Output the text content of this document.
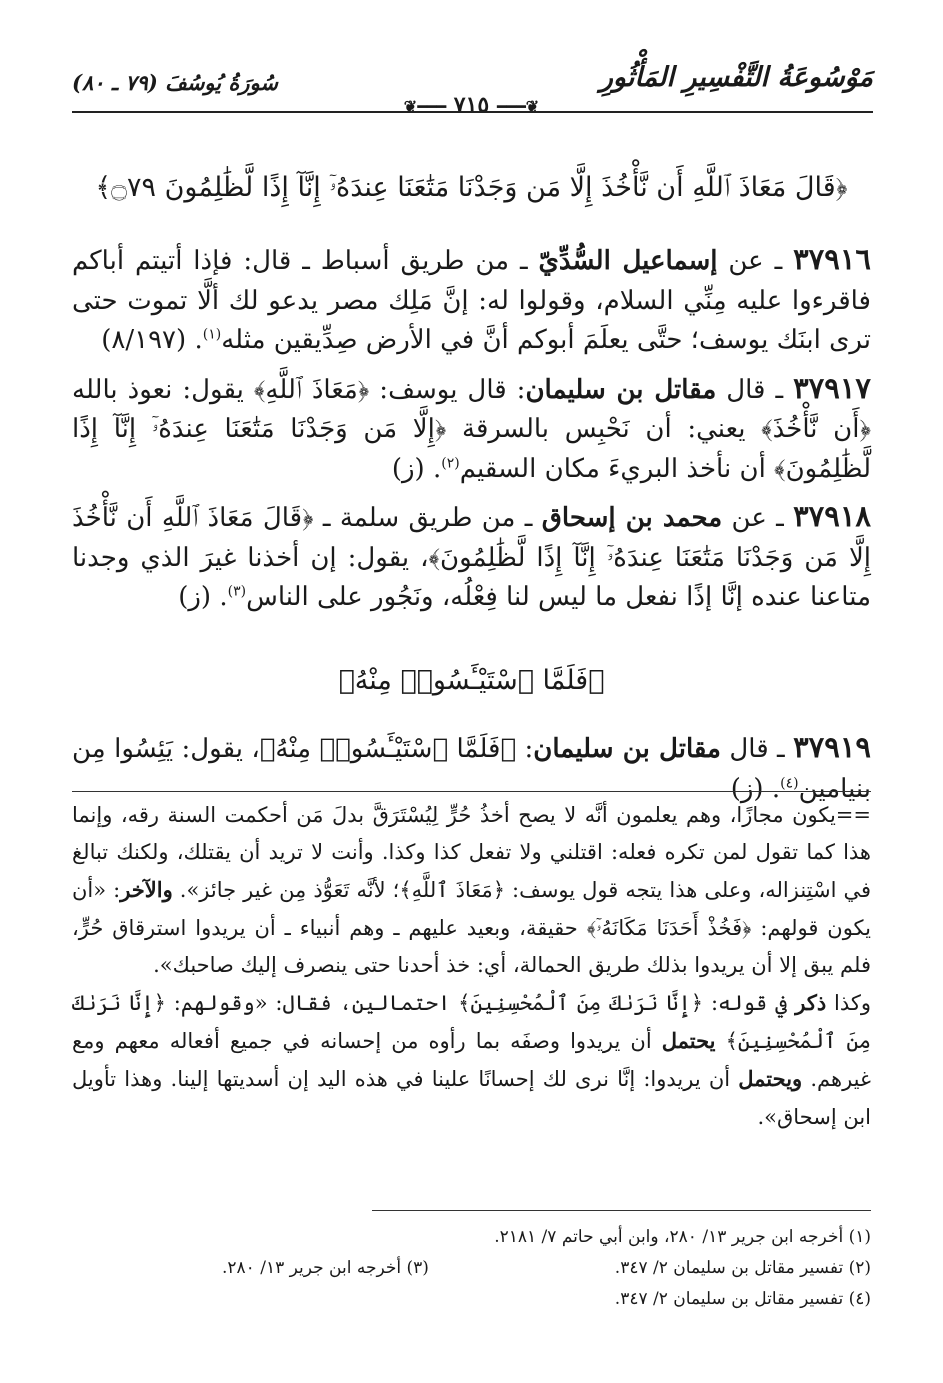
مَوْسُوعَةُ التَّفْسِيرِ المَأْثُورِ
سُورَةُ يُوسُفَ (٧٩ ـ ٨٠)
❦━━━ ٧١٥ ━━━❦
﴿قَالَ مَعَاذَ ٱللَّهِ أَن نَّأْخُذَ إِلَّا مَن وَجَدْنَا مَتَٰعَنَا عِندَهُۥٓ إِنَّآ إِذًا لَّظَٰلِمُونَ ۝٧٩﴾

٣٧٩١٦ ـ عن إسماعيل السُّدِّيّ ـ من طريق أسباط ـ قال: فإذا أتيتم أباكم فاقرءوا عليه مِنِّي السلام، وقولوا له: إنَّ مَلِك مصر يدعو لك ألَّا تموت حتى ترى ابنَك يوسف؛ حتَّى يعلَمَ أبوكم أنَّ في الأرض صِدِّيقين مثله$^{(١)}$. (٨/١٩٧)

٣٧٩١٧ ـ قال مقاتل بن سليمان: قال يوسف: ﴿مَعَاذَ ٱللَّهِ﴾ يقول: نعوذ بالله ﴿أَن نَّأْخُذَ﴾ يعني: أن نَحْبِس بالسرقة ﴿إِلَّا مَن وَجَدْنَا مَتَٰعَنَا عِندَهُۥٓ إِنَّآ إِذًا لَّظَٰلِمُونَ﴾ أن نأخذ البريءَ مكان السقيم$^{(٢)}$. (ز)

٣٧٩١٨ ـ عن محمد بن إسحاق ـ من طريق سلمة ـ ﴿قَالَ مَعَاذَ ٱللَّهِ أَن نَّأْخُذَ إِلَّا مَن وَجَدْنَا مَتَٰعَنَا عِندَهُۥٓ إِنَّآ إِذًا لَّظَٰلِمُونَ﴾، يقول: إن أخذنا غيرَ الذي وجدنا متاعنا عنده إنَّا إذًا نفعل ما ليس لنا فِعْلُه، ونَجُور على الناس$^{(٣)}$. (ز)

﴿فَلَمَّا ٱسْتَيْـَٔسُوا۟ مِنْهُ﴾

٣٧٩١٩ ـ قال مقاتل بن سليمان: ﴿فَلَمَّا ٱسْتَيْـَٔسُوا۟ مِنْهُ﴾، يقول: يَئِسُوا مِن بنيامين$^{(٤)}$. (ز)

==يكون مجازًا، وهم يعلمون أنَّه لا يصح أخذُ حُرٍّ لِيُسْتَرَقَّ بدلَ مَن أحكمت السنة رقه، وإنما هذا كما تقول لمن تكره فعله: اقتلني ولا تفعل كذا وكذا. وأنت لا تريد أن يقتلك، ولكنك تبالغ في اسْتِنزاله، وعلى هذا يتجه قول يوسف: ﴿مَعَاذَ ٱللَّهِ﴾؛ لأنَّه تَعَوُّذ مِن غير جائز». والآخر: «أن يكون قولهم: ﴿فَخُذْ أَحَدَنَا مَكَانَهُۥٓ﴾ حقيقة، وبعيد عليهم ـ وهم أنبياء ـ أن يريدوا استرقاق حُرٍّ، فلم يبق إلا أن يريدوا بذلك طريق الحمالة، أي: خذ أحدنا حتى ينصرف إليك صاحبك».

وكذا ذكر في قوله: ﴿إِنَّا نَرَىٰكَ مِنَ ٱلْمُحْسِنِينَ﴾ احتمالين، فقال: «وقولهم: ﴿إِنَّا نَرَىٰكَ مِنَ ٱلْمُحْسِنِينَ﴾ يحتمل أن يريدوا وصفَه بما رأوه من إحسانه في جميع أفعاله معهم ومع غيرهم. ويحتمل أن يريدوا: إنَّا نرى لك إحسانًا علينا في هذه اليد إن أسديتها إلينا. وهذا تأويل ابن إسحاق».

(١) أخرجه ابن جرير ١٣/ ٢٨٠، وابن أبي حاتم ٧/ ٢١٨١.
(٢) تفسير مقاتل بن سليمان ٢/ ٣٤٧.
(٣) أخرجه ابن جرير ١٣/ ٢٨٠.
(٤) تفسير مقاتل بن سليمان ٢/ ٣٤٧.
